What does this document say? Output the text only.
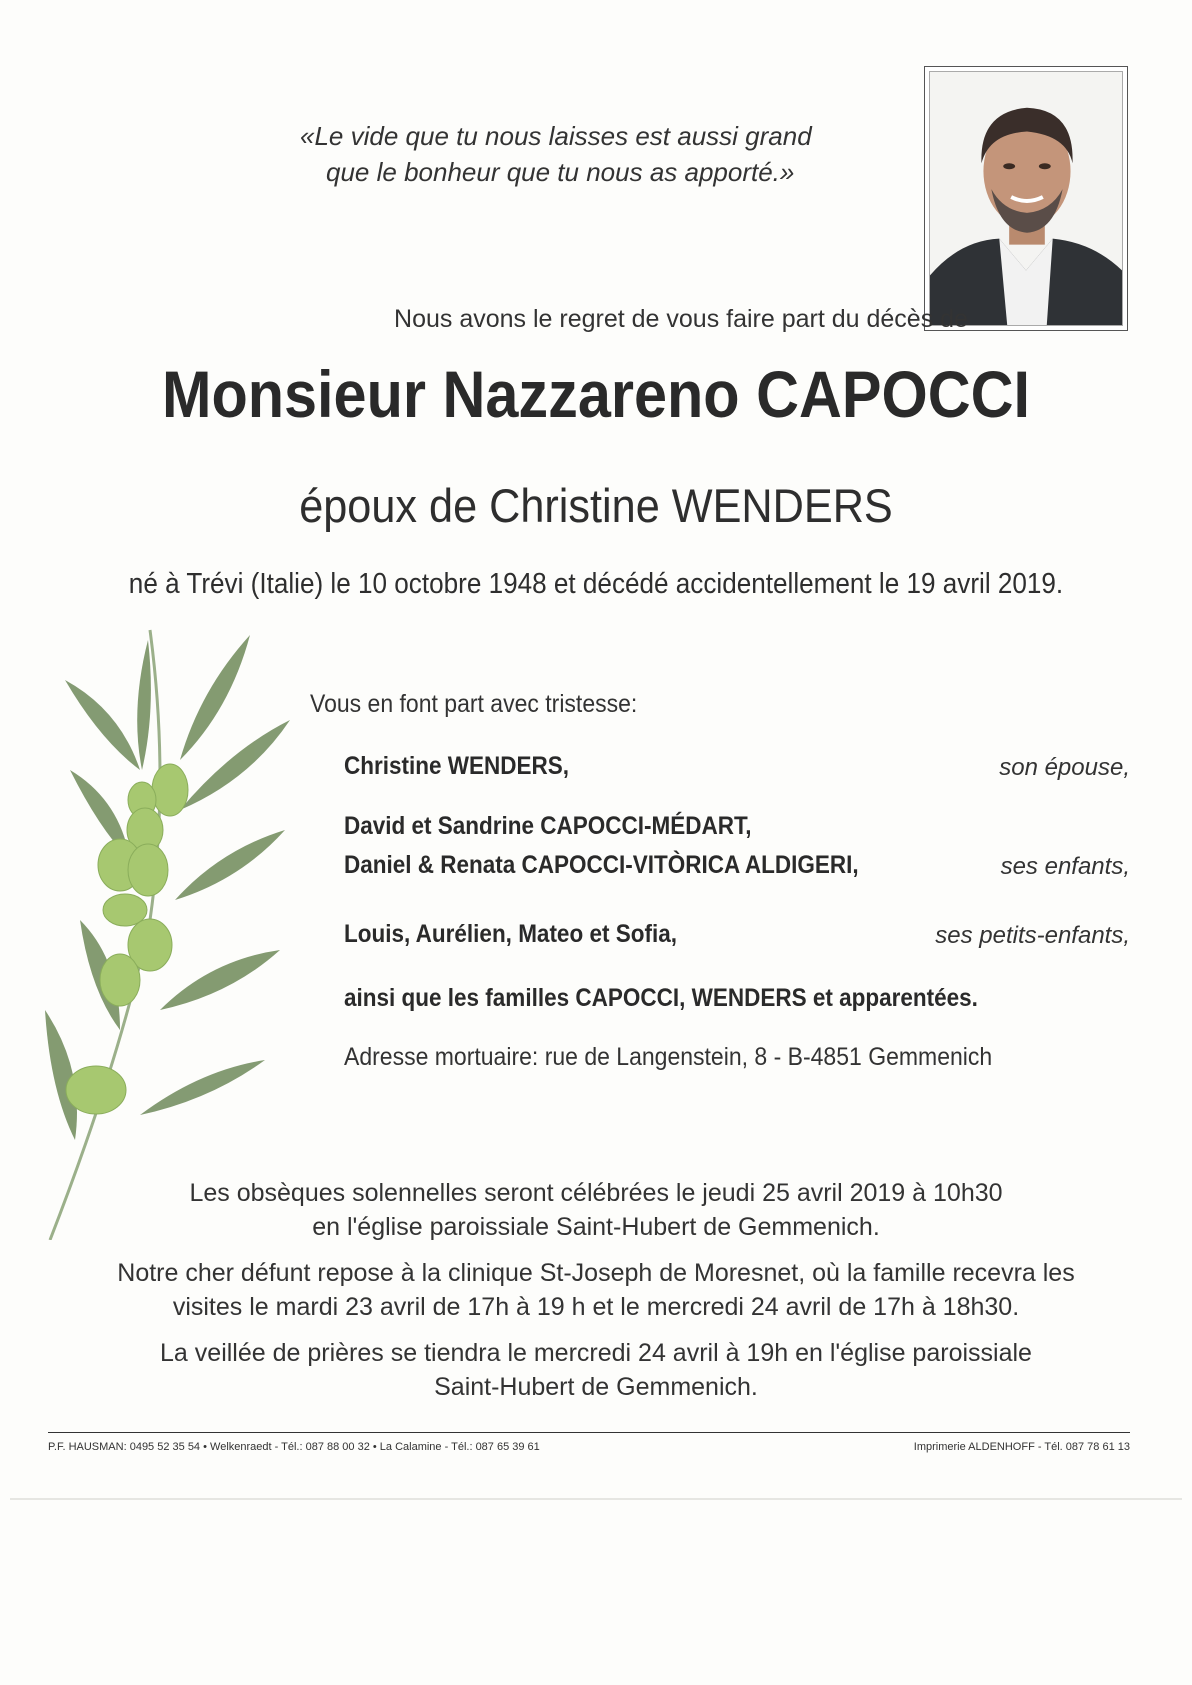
«Le vide que tu nous laisses est aussi grand
que le bonheur que tu nous as apporté.»
Nous avons le regret de vous faire part du décès de
Monsieur Nazzareno CAPOCCI
époux de Christine WENDERS
né à Trévi (Italie) le 10 octobre 1948 et décédé accidentellement le 19 avril 2019.
Vous en font part avec tristesse:
Christine WENDERS,	son épouse,
David et Sandrine CAPOCCI-MÉDART,
Daniel & Renata CAPOCCI-VITÒRICA ALDIGERI,	ses enfants,
Louis, Aurélien, Mateo et Sofia,	ses petits-enfants,
ainsi que les familles CAPOCCI, WENDERS et apparentées.
Adresse mortuaire: rue de Langenstein, 8 - B-4851 Gemmenich
Les obsèques solennelles seront célébrées le jeudi 25 avril 2019 à 10h30
en l'église paroissiale Saint-Hubert de Gemmenich.
Notre cher défunt repose à la clinique St-Joseph de Moresnet, où la famille recevra les
visites le mardi 23 avril de 17h à 19 h et le mercredi 24 avril de 17h à 18h30.
La veillée de prières se tiendra le mercredi 24 avril à 19h en l'église paroissiale
Saint-Hubert de Gemmenich.
P.F. HAUSMAN: 0495 52 35 54 • Welkenraedt - Tél.: 087 88 00 32 • La Calamine - Tél.: 087 65 39 61	Imprimerie ALDENHOFF - Tél. 087 78 61 13
